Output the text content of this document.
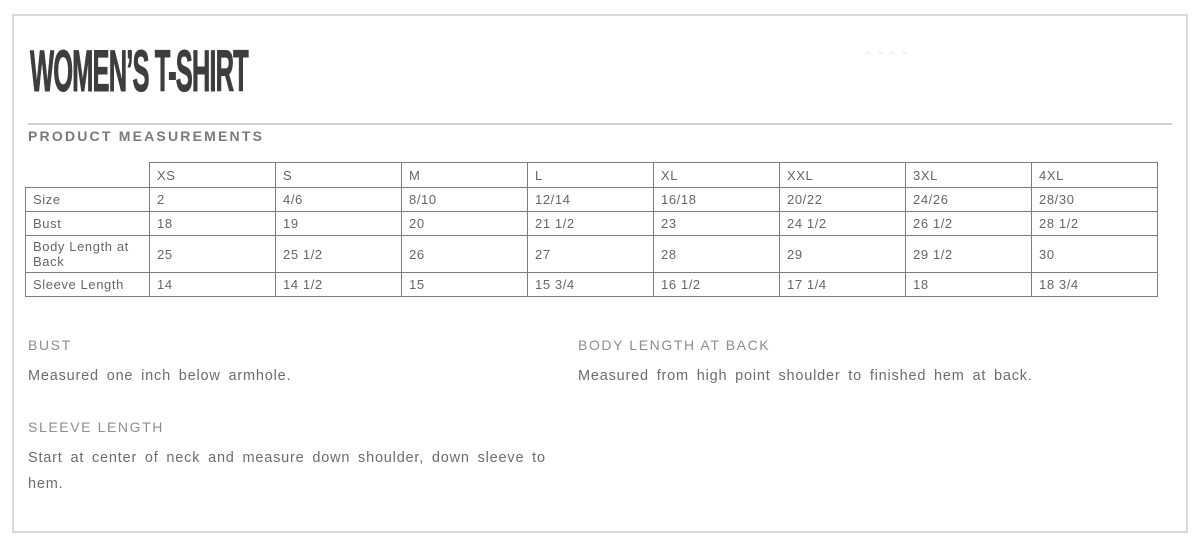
WOMEN’S T-SHIRT
PRODUCT MEASUREMENTS
	XS	S	M	L	XL	XXL	3XL	4XL
Size	2	4/6	8/10	12/14	16/18	20/22	24/26	28/30
Bust	18	19	20	21 1/2	23	24 1/2	26 1/2	28 1/2
Body Length at Back	25	25 1/2	26	27	28	29	29 1/2	30
Sleeve Length	14	14 1/2	15	15 3/4	16 1/2	17 1/4	18	18 3/4
BUST
Measured one inch below armhole.
BODY LENGTH AT BACK
Measured from high point shoulder to finished hem at back.
SLEEVE LENGTH
Start at center of neck and measure down shoulder, down sleeve to hem.
